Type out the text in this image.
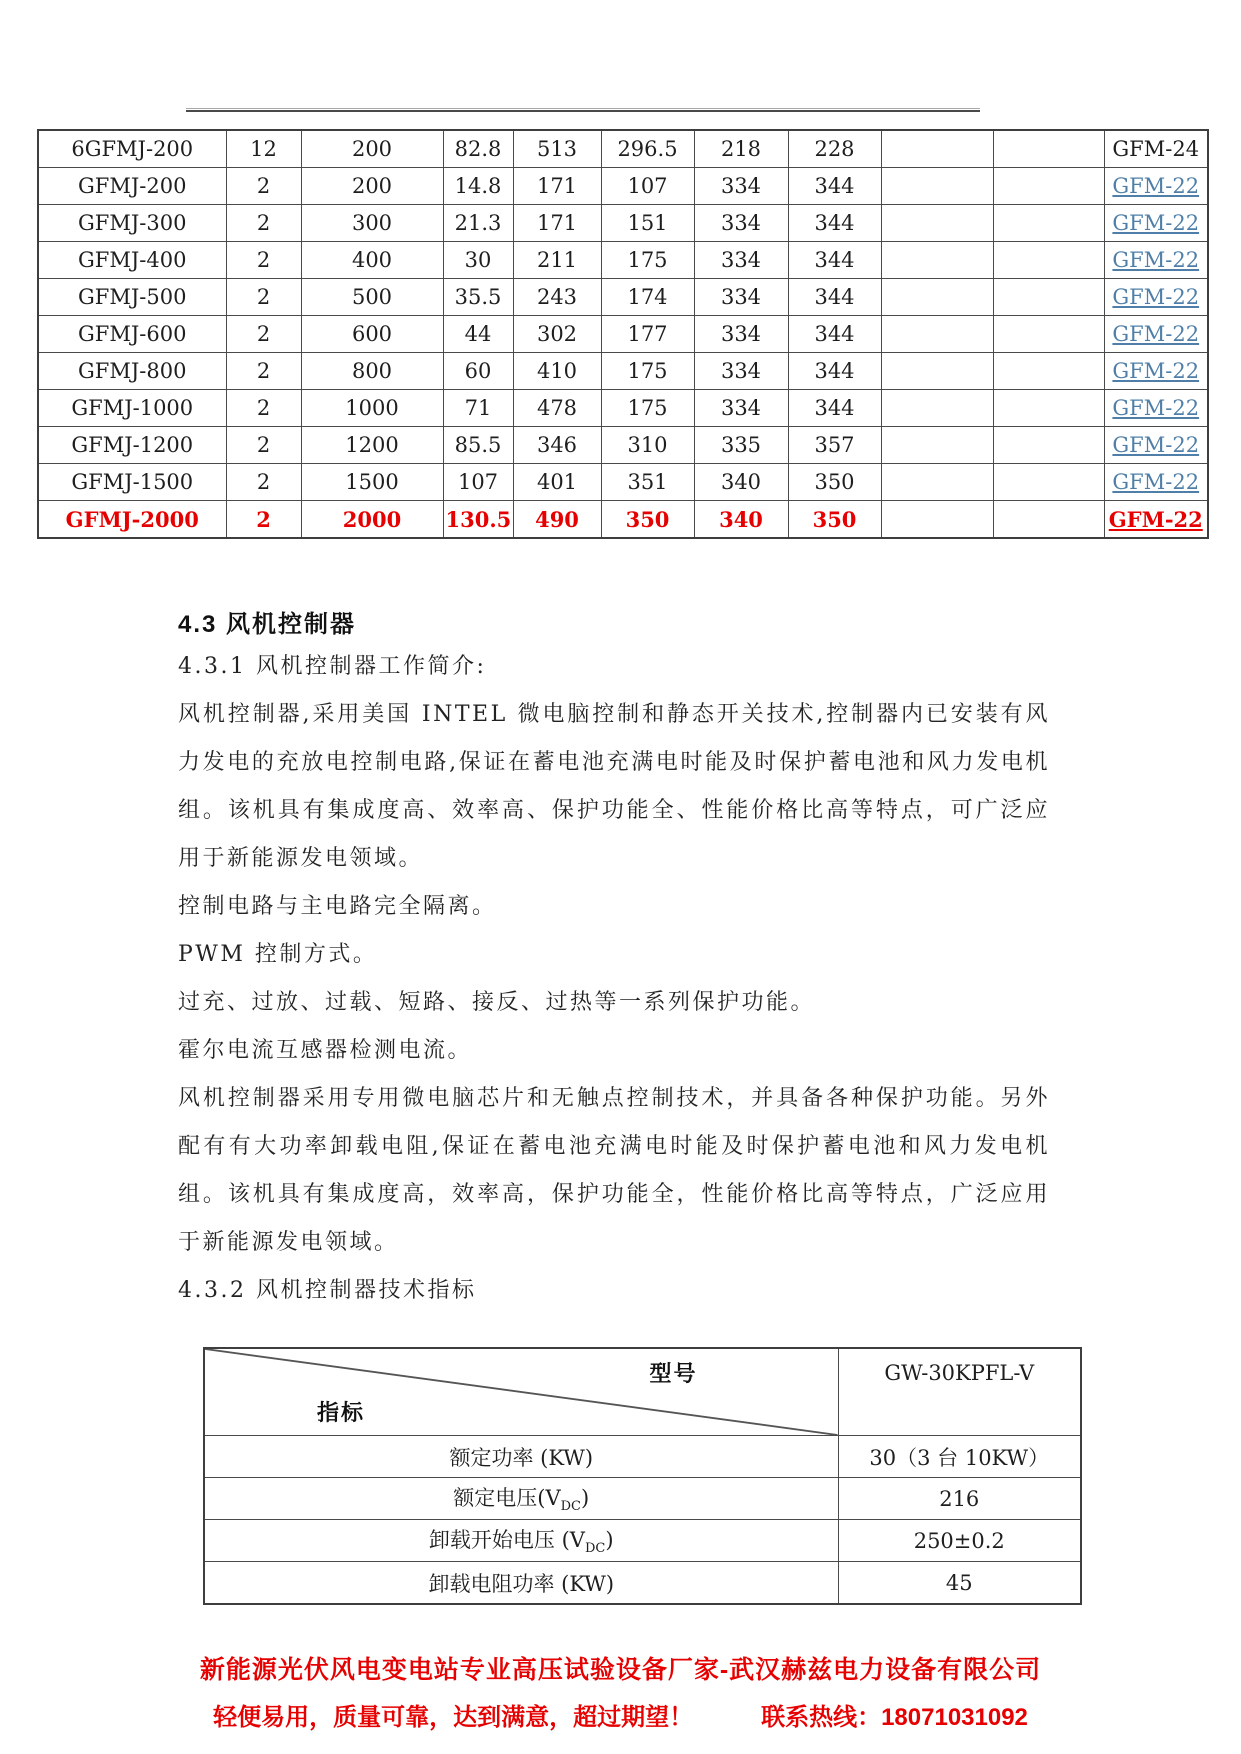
6GFMJ-200	12	200	82.8	513	296.5	218	228			GFM-24
GFMJ-200	2	200	14.8	171	107	334	344			GFM-22
GFMJ-300	2	300	21.3	171	151	334	344			GFM-22
GFMJ-400	2	400	30	211	175	334	344			GFM-22
GFMJ-500	2	500	35.5	243	174	334	344			GFM-22
GFMJ-600	2	600	44	302	177	334	344			GFM-22
GFMJ-800	2	800	60	410	175	334	344			GFM-22
GFMJ-1000	2	1000	71	478	175	334	344			GFM-22
GFMJ-1200	2	1200	85.5	346	310	335	357			GFM-22
GFMJ-1500	2	1500	107	401	351	340	350			GFM-22
GFMJ-2000	2	2000	130.5	490	350	340	350			GFM-22
4.3 风机控制器

4.3.1 风机控制器工作简介:

风机控制器,采用美国 INTEL 微电脑控制和静态开关技术,控制器内已安装有风力发电的充放电控制电路,保证在蓄电池充满电时能及时保护蓄电池和风力发电机组。该机具有集成度高、效率高、保护功能全、性能价格比高等特点，可广泛应用于新能源发电领域。

控制电路与主电路完全隔离。

PWM 控制方式。

过充、过放、过载、短路、接反、过热等一系列保护功能。

霍尔电流互感器检测电流。

风机控制器采用专用微电脑芯片和无触点控制技术，并具备各种保护功能。另外配有有大功率卸载电阻,保证在蓄电池充满电时能及时保护蓄电池和风力发电机组。该机具有集成度高，效率高，保护功能全，性能价格比高等特点，广泛应用于新能源发电领域。

4.3.2 风机控制器技术指标

型号
指标	GW-30KPFL-V
额定功率 (KW)	30（3 台 10KW）
额定电压$(V_{DC})$	216
卸载开始电压 $(V_{DC})$	250±0.2
卸载电阻功率 (KW)	45
新能源光伏风电变电站专业高压试验设备厂家-武汉赫兹电力设备有限公司
轻便易用，质量可靠，达到满意，超过期望！	联系热线：18071031092
